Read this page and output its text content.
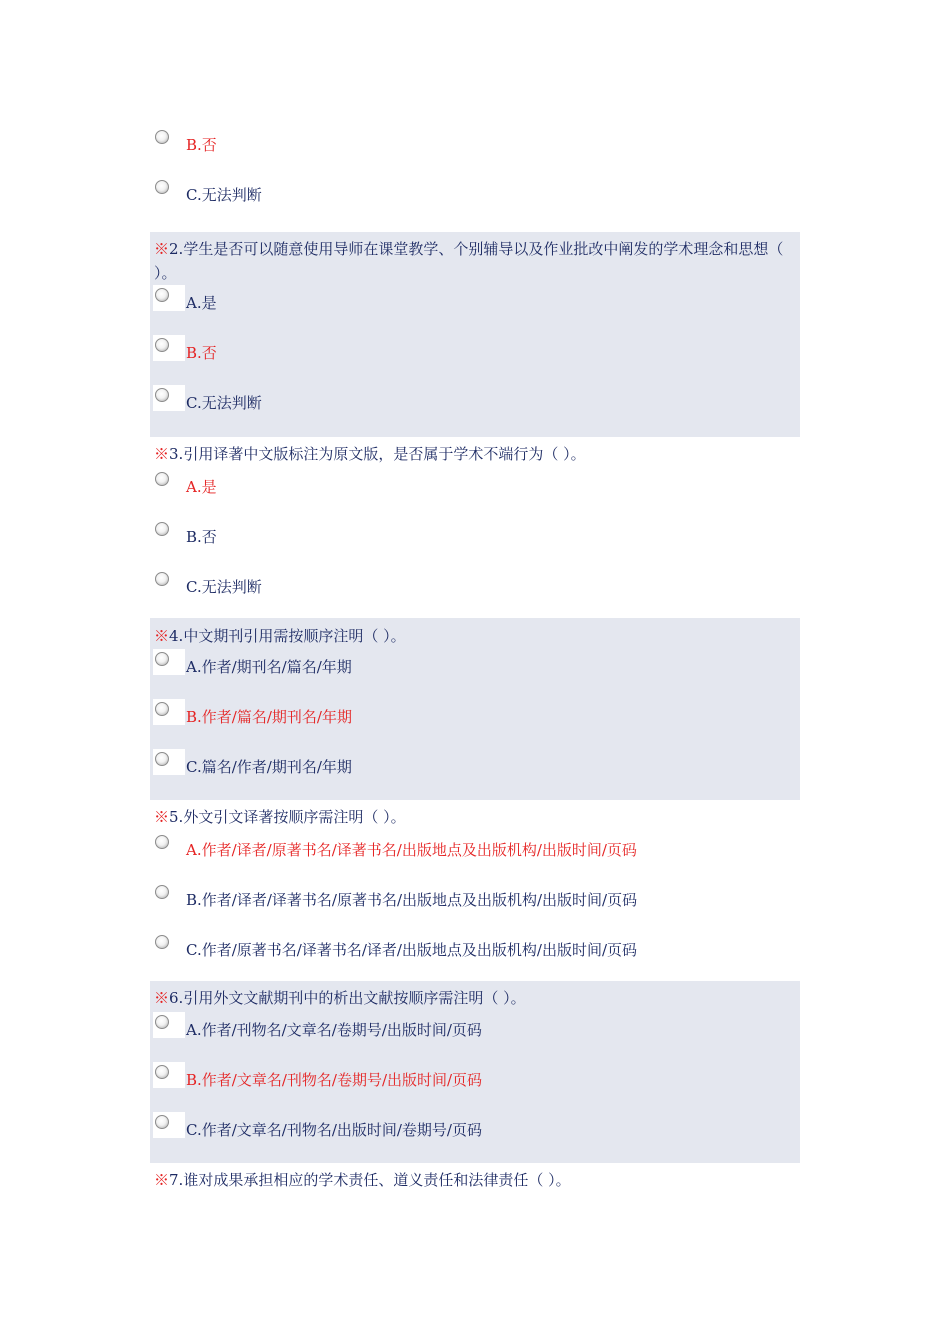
B.否
C.无法判断
※2.学生是否可以随意使用导师在课堂教学、个别辅导以及作业批改中阐发的学术理念和思想（ ）。
A.是
B.否
C.无法判断
※3.引用译著中文版标注为原文版，是否属于学术不端行为（ ）。
A.是
B.否
C.无法判断
※4.中文期刊引用需按顺序注明（ ）。
A.作者/期刊名/篇名/年期
B.作者/篇名/期刊名/年期
C.篇名/作者/期刊名/年期
※5.外文引文译著按顺序需注明（ ）。
A.作者/译者/原著书名/译著书名/出版地点及出版机构/出版时间/页码
B.作者/译者/译著书名/原著书名/出版地点及出版机构/出版时间/页码
C.作者/原著书名/译著书名/译者/出版地点及出版机构/出版时间/页码
※6.引用外文文献期刊中的析出文献按顺序需注明（ ）。
A.作者/刊物名/文章名/卷期号/出版时间/页码
B.作者/文章名/刊物名/卷期号/出版时间/页码
C.作者/文章名/刊物名/出版时间/卷期号/页码
※7.谁对成果承担相应的学术责任、道义责任和法律责任（ ）。
